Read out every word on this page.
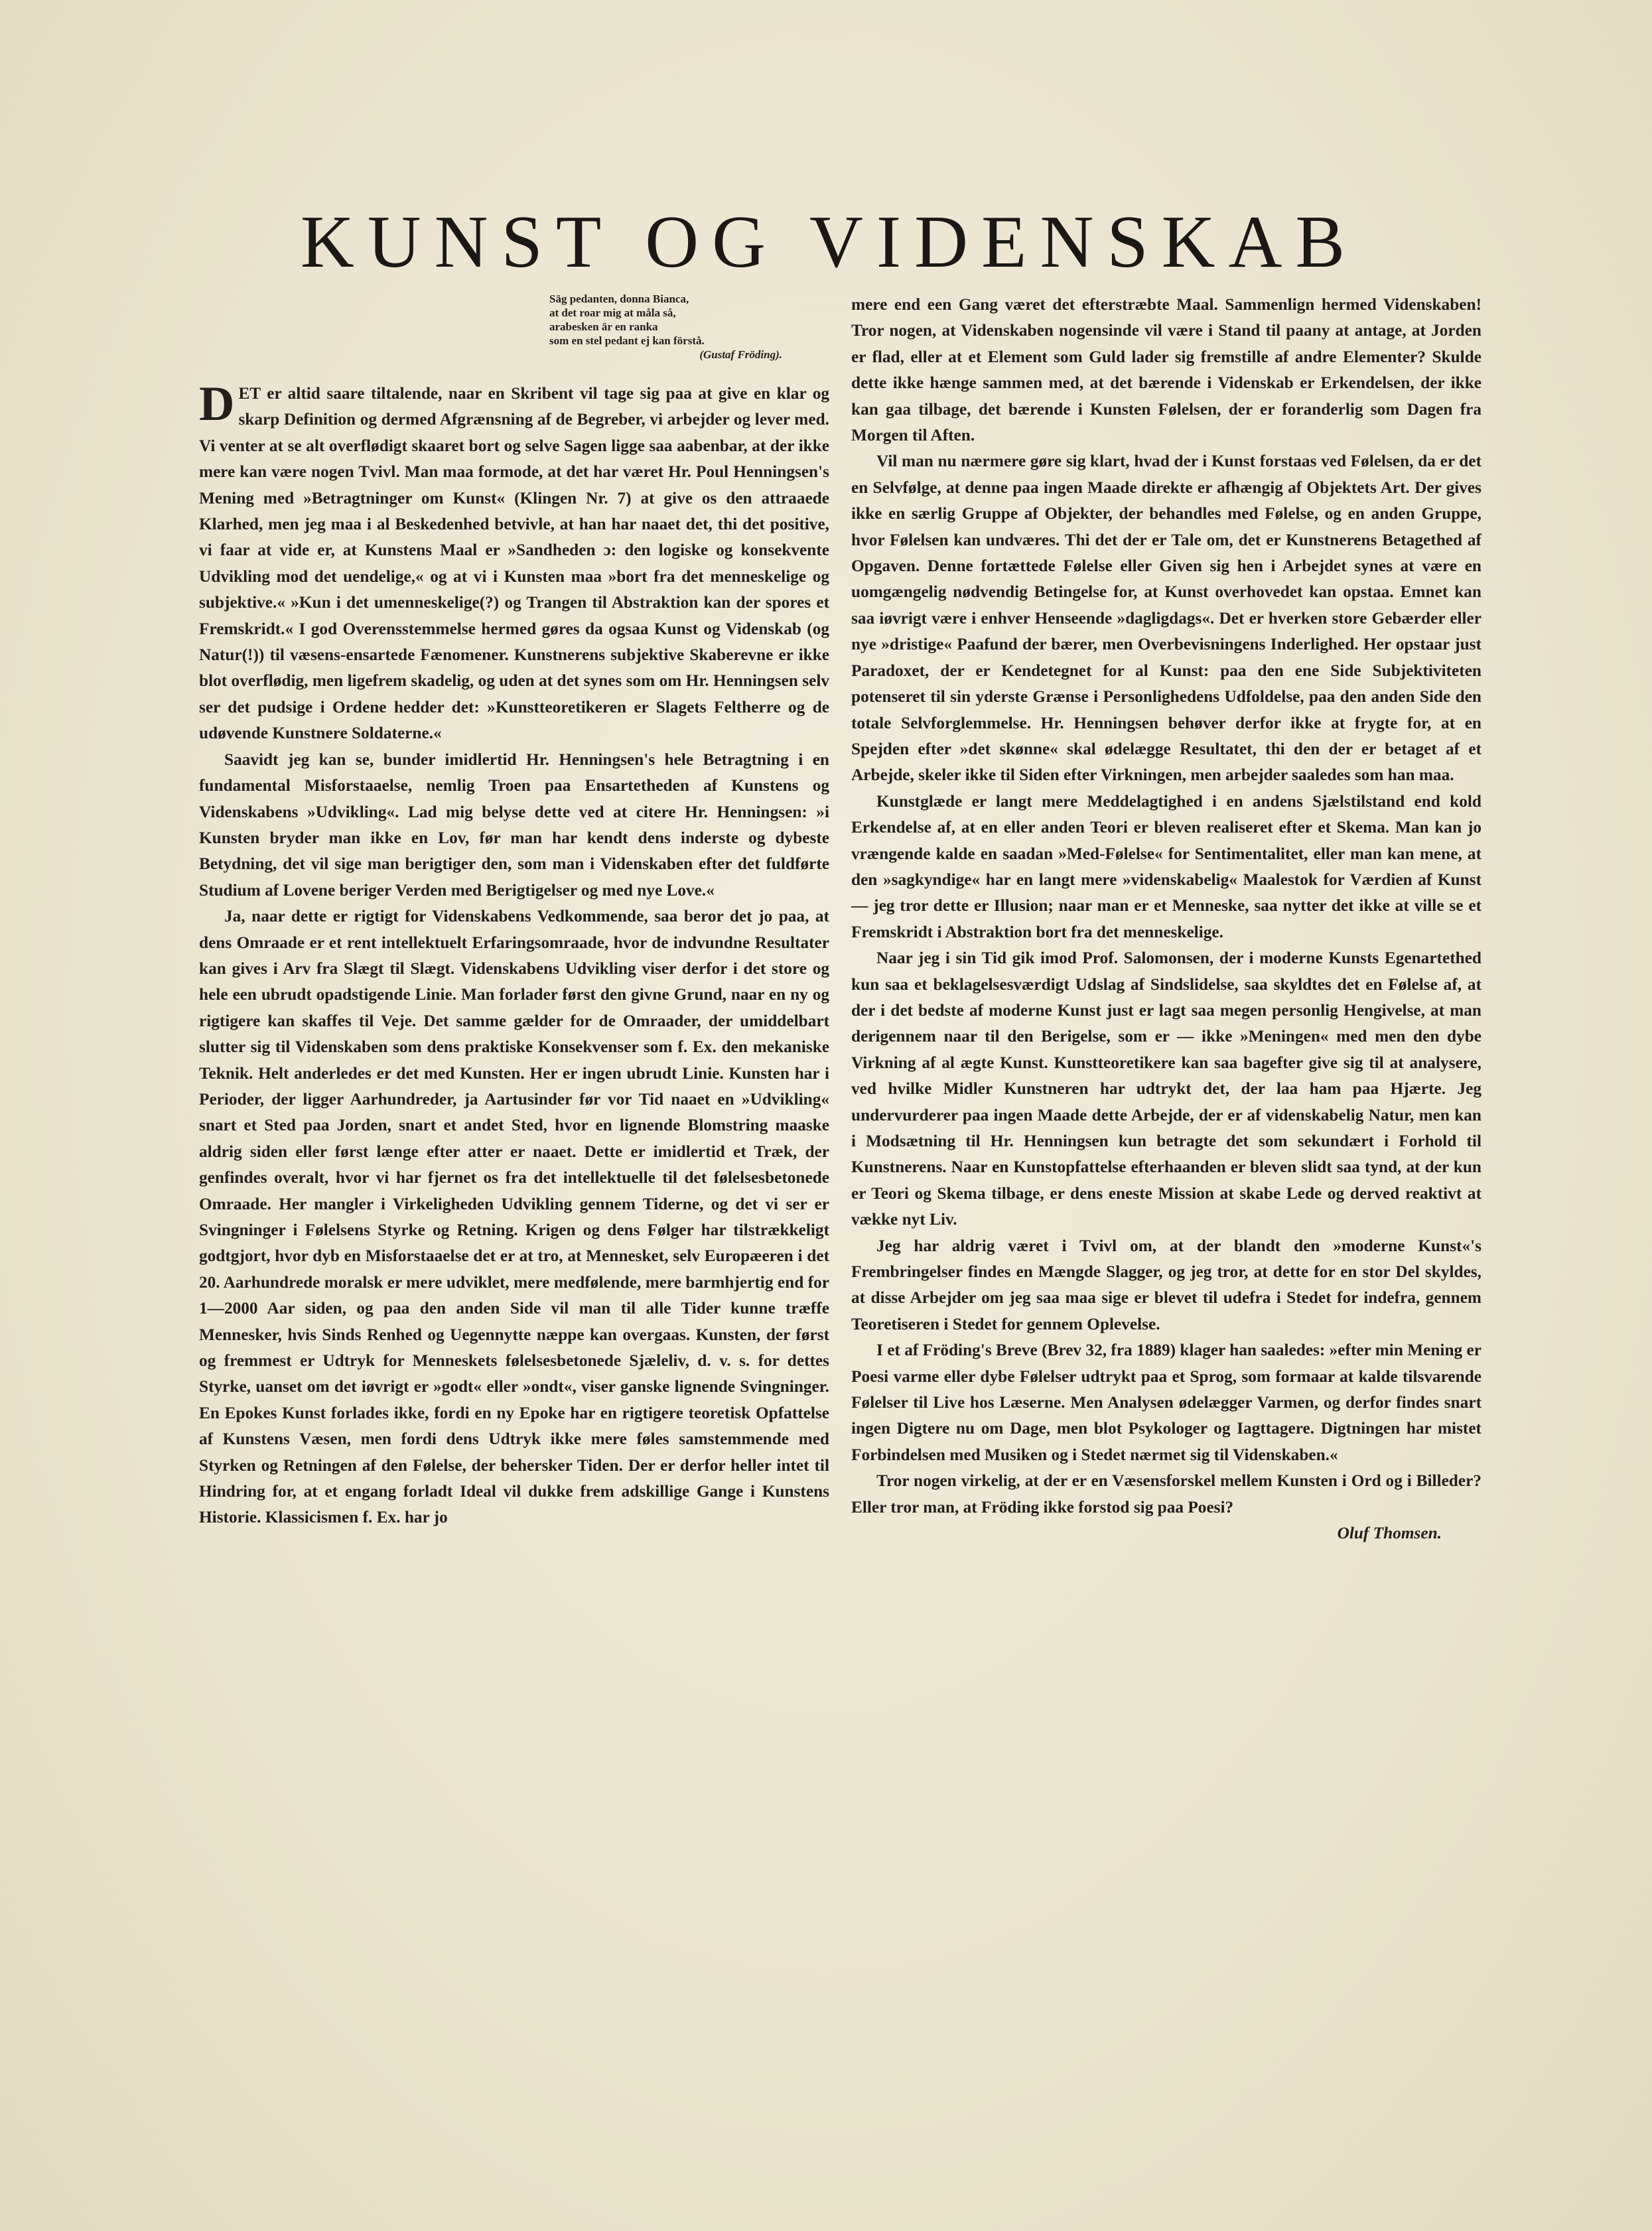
KUNST OG VIDENSKAB
Säg pedanten, donna Bianca,
at det roar mig at måla så,
arabesken är en ranka
som en stel pedant ej kan förstå.
(Gustaf Fröding).

DET er altid saare tiltalende, naar en Skribent vil tage sig paa at give en klar og skarp Definition og dermed Afgrænsning af de Begreber, vi arbejder og lever med. Vi venter at se alt overflødigt skaaret bort og selve Sagen ligge saa aabenbar, at der ikke mere kan være nogen Tvivl. Man maa formode, at det har været Hr. Poul Henningsen's Mening med »Betragtninger om Kunst« (Klingen Nr. 7) at give os den attraaede Klarhed, men jeg maa i al Beskedenhed betvivle, at han har naaet det, thi det positive, vi faar at vide er, at Kunstens Maal er »Sandheden ɔ: den logiske og konsekvente Udvikling mod det uendelige,« og at vi i Kunsten maa »bort fra det menneskelige og subjektive.« »Kun i det umenneskelige(?) og Trangen til Abstraktion kan der spores et Fremskridt.« I god Overensstemmelse hermed gøres da ogsaa Kunst og Videnskab (og Natur(!)) til væsens-ensartede Fænomener. Kunstnerens subjektive Skaberevne er ikke blot overflødig, men ligefrem skadelig, og uden at det synes som om Hr. Henningsen selv ser det pudsige i Ordene hedder det: »Kunstteoretikeren er Slagets Feltherre og de udøvende Kunstnere Soldaterne.«

Saavidt jeg kan se, bunder imidlertid Hr. Henningsen's hele Betragtning i en fundamental Misforstaaelse, nemlig Troen paa Ensartetheden af Kunstens og Videnskabens »Udvikling«. Lad mig belyse dette ved at citere Hr. Henningsen: »i Kunsten bryder man ikke en Lov, før man har kendt dens inderste og dybeste Betydning, det vil sige man berigtiger den, som man i Videnskaben efter det fuldførte Studium af Lovene beriger Verden med Berigtigelser og med nye Love.«

Ja, naar dette er rigtigt for Videnskabens Vedkommende, saa beror det jo paa, at dens Omraade er et rent intellektuelt Erfaringsomraade, hvor de indvundne Resultater kan gives i Arv fra Slægt til Slægt. Videnskabens Udvikling viser derfor i det store og hele een ubrudt opadstigende Linie. Man forlader først den givne Grund, naar en ny og rigtigere kan skaffes til Veje. Det samme gælder for de Omraader, der umiddelbart slutter sig til Videnskaben som dens praktiske Konsekvenser som f. Ex. den mekaniske Teknik. Helt anderledes er det med Kunsten. Her er ingen ubrudt Linie. Kunsten har i Perioder, der ligger Aarhundreder, ja Aartusinder før vor Tid naaet en »Udvikling« snart et Sted paa Jorden, snart et andet Sted, hvor en lignende Blomstring maaske aldrig siden eller først længe efter atter er naaet. Dette er imidlertid et Træk, der genfindes overalt, hvor vi har fjernet os fra det intellektuelle til det følelsesbetonede Omraade. Her mangler i Virkeligheden Udvikling gennem Tiderne, og det vi ser er Svingninger i Følelsens Styrke og Retning. Krigen og dens Følger har tilstrækkeligt godtgjort, hvor dyb en Misforstaaelse det er at tro, at Mennesket, selv Europæeren i det 20. Aarhundrede moralsk er mere udviklet, mere medfølende, mere barmhjertig end for 1—2000 Aar siden, og paa den anden Side vil man til alle Tider kunne træffe Mennesker, hvis Sinds Renhed og Uegennytte næppe kan overgaas. Kunsten, der først og fremmest er Udtryk for Menneskets følelsesbetonede Sjæleliv, d. v. s. for dettes Styrke, uanset om det iøvrigt er »godt« eller »ondt«, viser ganske lignende Svingninger. En Epokes Kunst forlades ikke, fordi en ny Epoke har en rigtigere teoretisk Opfattelse af Kunstens Væsen, men fordi dens Udtryk ikke mere føles samstemmende med Styrken og Retningen af den Følelse, der behersker Tiden. Der er derfor heller intet til Hindring for, at et engang forladt Ideal vil dukke frem adskillige Gange i Kunstens Historie. Klassicismen f. Ex. har jo

mere end een Gang været det efterstræbte Maal. Sammenlign hermed Videnskaben! Tror nogen, at Videnskaben nogensinde vil være i Stand til paany at antage, at Jorden er flad, eller at et Element som Guld lader sig fremstille af andre Elementer? Skulde dette ikke hænge sammen med, at det bærende i Videnskab er Erkendelsen, der ikke kan gaa tilbage, det bærende i Kunsten Følelsen, der er foranderlig som Dagen fra Morgen til Aften.

Vil man nu nærmere gøre sig klart, hvad der i Kunst forstaas ved Følelsen, da er det en Selvfølge, at denne paa ingen Maade direkte er afhængig af Objektets Art. Der gives ikke en særlig Gruppe af Objekter, der behandles med Følelse, og en anden Gruppe, hvor Følelsen kan undværes. Thi det der er Tale om, det er Kunstnerens Betagethed af Opgaven. Denne fortættede Følelse eller Given sig hen i Arbejdet synes at være en uomgængelig nødvendig Betingelse for, at Kunst overhovedet kan opstaa. Emnet kan saa iøvrigt være i enhver Henseende »dagligdags«. Det er hverken store Gebærder eller nye »dristige« Paafund der bærer, men Overbevisningens Inderlighed. Her opstaar just Paradoxet, der er Kendetegnet for al Kunst: paa den ene Side Subjektiviteten potenseret til sin yderste Grænse i Personlighedens Udfoldelse, paa den anden Side den totale Selvforglemmelse. Hr. Henningsen behøver derfor ikke at frygte for, at en Spejden efter »det skønne« skal ødelægge Resultatet, thi den der er betaget af et Arbejde, skeler ikke til Siden efter Virkningen, men arbejder saaledes som han maa.

Kunstglæde er langt mere Meddelagtighed i en andens Sjælstilstand end kold Erkendelse af, at en eller anden Teori er bleven realiseret efter et Skema. Man kan jo vrængende kalde en saadan »Med-Følelse« for Sentimentalitet, eller man kan mene, at den »sagkyndige« har en langt mere »videnskabelig« Maalestok for Værdien af Kunst — jeg tror dette er Illusion; naar man er et Menneske, saa nytter det ikke at ville se et Fremskridt i Abstraktion bort fra det menneskelige.

Naar jeg i sin Tid gik imod Prof. Salomonsen, der i moderne Kunsts Egenartethed kun saa et beklagelsesværdigt Udslag af Sindslidelse, saa skyldtes det en Følelse af, at der i det bedste af moderne Kunst just er lagt saa megen personlig Hengivelse, at man derigennem naar til den Berigelse, som er — ikke »Meningen« med men den dybe Virkning af al ægte Kunst. Kunstteoretikere kan saa bagefter give sig til at analysere, ved hvilke Midler Kunstneren har udtrykt det, der laa ham paa Hjærte. Jeg undervurderer paa ingen Maade dette Arbejde, der er af videnskabelig Natur, men kan i Modsætning til Hr. Henningsen kun betragte det som sekundært i Forhold til Kunstnerens. Naar en Kunstopfattelse efterhaanden er bleven slidt saa tynd, at der kun er Teori og Skema tilbage, er dens eneste Mission at skabe Lede og derved reaktivt at vække nyt Liv.

Jeg har aldrig været i Tvivl om, at der blandt den »moderne Kunst«'s Frembringelser findes en Mængde Slagger, og jeg tror, at dette for en stor Del skyldes, at disse Arbejder om jeg saa maa sige er blevet til udefra i Stedet for indefra, gennem Teoretiseren i Stedet for gennem Oplevelse.

I et af Fröding's Breve (Brev 32, fra 1889) klager han saaledes: »efter min Mening er Poesi varme eller dybe Følelser udtrykt paa et Sprog, som formaar at kalde tilsvarende Følelser til Live hos Læserne. Men Analysen ødelægger Varmen, og derfor findes snart ingen Digtere nu om Dage, men blot Psykologer og Iagttagere. Digtningen har mistet Forbindelsen med Musiken og i Stedet nærmet sig til Videnskaben.«

Tror nogen virkelig, at der er en Væsensforskel mellem Kunsten i Ord og i Billeder? Eller tror man, at Fröding ikke forstod sig paa Poesi?

Oluf Thomsen.
